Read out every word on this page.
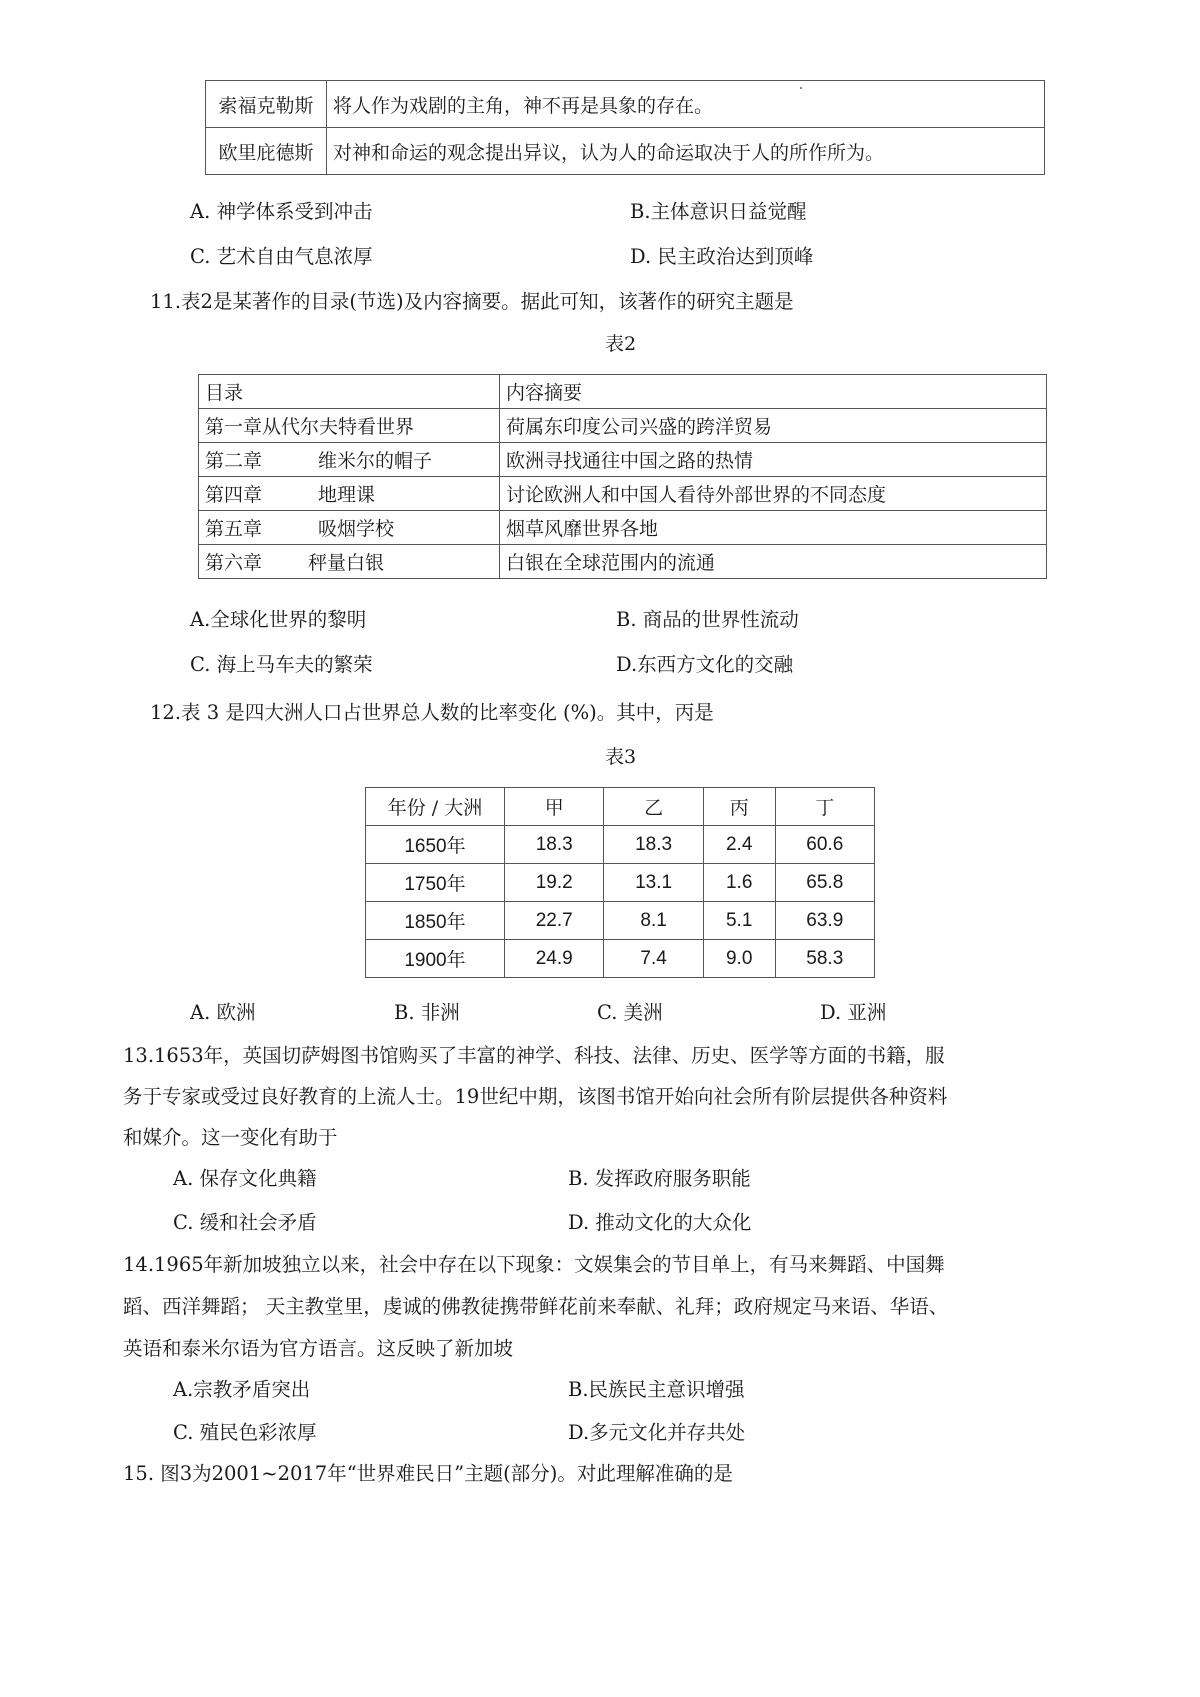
索福克勒斯	将人作为戏剧的主角，神不再是具象的存在。
欧里庇德斯	对神和命运的观念提出异议，认为人的命运取决于人的所作所为。
A. 神学体系受到冲击	B.主体意识日益觉醒
C. 艺术自由气息浓厚	D. 民主政治达到顶峰
11.表2是某著作的目录(节选)及内容摘要。据此可知，该著作的研究主题是
表2
目录	内容摘要
第一章从代尔夫特看世界	荷属东印度公司兴盛的跨洋贸易
第二章 维米尔的帽子	欧洲寻找通往中国之路的热情
第四章 地理课	讨论欧洲人和中国人看待外部世界的不同态度
第五章 吸烟学校	烟草风靡世界各地
第六章 秤量白银	白银在全球范围内的流通
A.全球化世界的黎明	B. 商品的世界性流动
C. 海上马车夫的繁荣	D.东西方文化的交融
12.表 3 是四大洲人口占世界总人数的比率变化 (%)。其中，丙是
表3
年份 / 大洲	甲	乙	丙	丁
1650年	18.3	18.3	2.4	60.6
1750年	19.2	13.1	1.6	65.8
1850年	22.7	8.1	5.1	63.9
1900年	24.9	7.4	9.0	58.3
A. 欧洲	B. 非洲	C. 美洲	D. 亚洲
13.1653年，英国切萨姆图书馆购买了丰富的神学、科技、法律、历史、医学等方面的书籍，服
务于专家或受过良好教育的上流人士。19世纪中期，该图书馆开始向社会所有阶层提供各种资料
和媒介。这一变化有助于
A. 保存文化典籍	B. 发挥政府服务职能
C. 缓和社会矛盾	D. 推动文化的大众化
14.1965年新加坡独立以来，社会中存在以下现象：文娱集会的节目单上，有马来舞蹈、中国舞
蹈、西洋舞蹈； 天主教堂里，虔诚的佛教徒携带鲜花前来奉献、礼拜；政府规定马来语、华语、
英语和泰米尔语为官方语言。这反映了新加坡
A.宗教矛盾突出	B.民族民主意识增强
C. 殖民色彩浓厚	D.多元文化并存共处
15. 图3为2001~2017年“世界难民日”主题(部分)。对此理解准确的是
